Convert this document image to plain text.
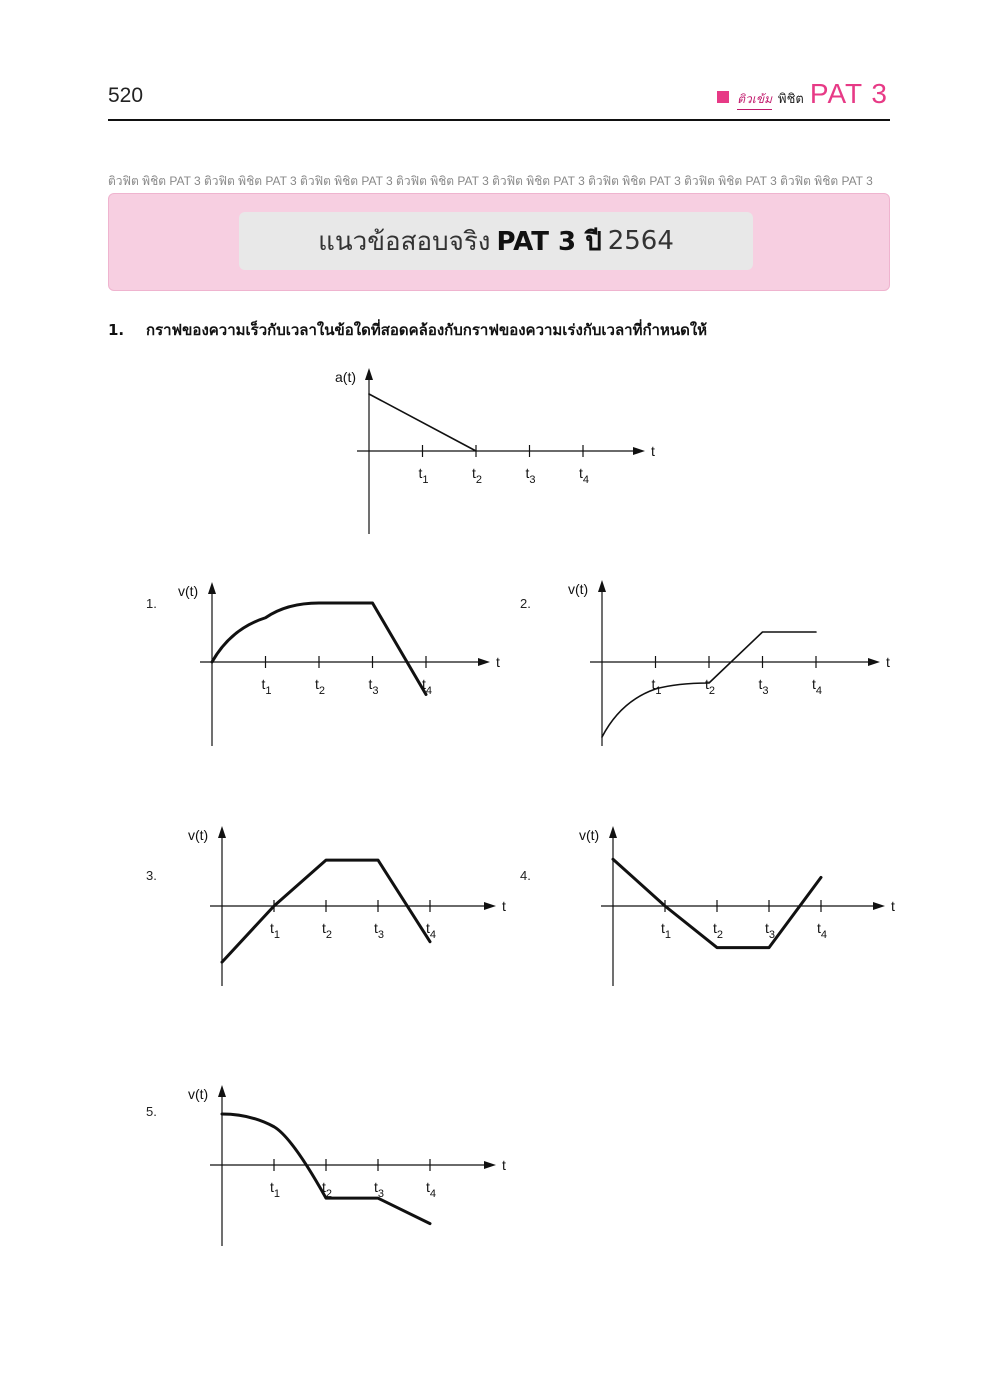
520	ติวเข้ม พิชิต PAT 3
ติวฟิต พิชิต PAT 3 ติวฟิต พิชิต PAT 3 ติวฟิต พิชิต PAT 3 ติวฟิต พิชิต PAT 3 ติวฟิต พิชิต PAT 3 ติวฟิต พิชิต PAT 3 ติวฟิต พิชิต PAT 3 ติวฟิต พิชิต PAT 3
แนวข้อสอบจริง PAT 3 ปี 2564
1. กราฟของความเร็วกับเวลาในข้อใดที่สอดคล้องกับกราฟของความเร่งกับเวลาที่กำหนดให้
1.	2.
3.	4.
5.
t
a(t)
$t_1$	$t_2$	$t_3$	$t_4$
t
v(t)
$t_1$	$t_2$	$t_3$	$t_4$
t
v(t)
$t_1$	$t_2$	$t_3$	$t_4$
t
v(t)
$t_1$	$t_2$	$t_3$	$t_4$
t
v(t)
$t_1$	$t_2$	$t_3$	$t_4$
t
v(t)
$t_1$	$t_2$	$t_3$	$t_4$
